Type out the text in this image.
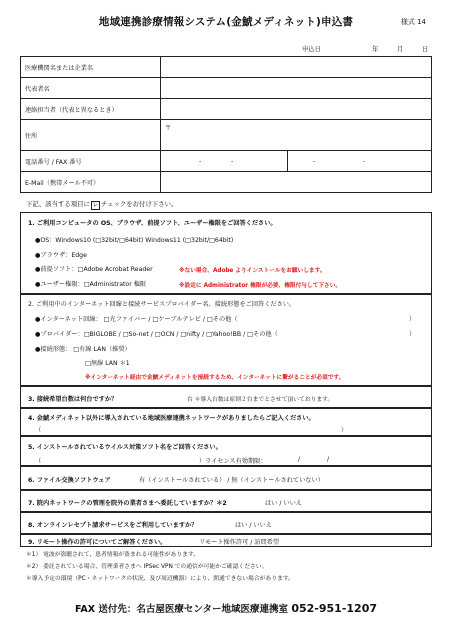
地域連携診療情報システム(金鯱メディネット)申込書	様式 14
申込日	年	月	日
医療機関名または企業名	
代表者名	
連絡担当者（代表と異なるとき）	
住所	〒
電話番号 / FAX 番号	- - - -

E-Mail（携帯メール不可）	
下記、該当する項目に レ チェックをお付け下さい。
1. ご利用コンピュータの OS、ブラウザ、前提ソフト、ユーザー権限をご回答ください。
●OS：Windows10 (□32bit/□64bit) Windows11 (□32bit/□64bit)
●ブラウザ：Edge
●前提ソフト：□Adobe Acrobat Reader	※ない場合、Adobe よりインストールをお願いします。
●ユーザー権限：□Administrator 権限	※設定に Administrator 権限が必要、権限付与して下さい。
2. ご利用中のインターネット回線と接続サービスプロバイダー名、接続形態をご回答ください。
●インターネット回線： □光ファイバー / □ケーブルテレビ / □その他（	）
●プロバイダー：□BIGLOBE / □So-net / □OCN / □nifty / □Yahoo!BB / □その他（	）
●接続形態： □有線 LAN（推奨）
□無線 LAN ＊1
※インターネット経由で金鯱メディネットを接続するため、インターネットに繋がることが必須です。
3. 接続希望台数は何台ですか？	台 ＊導入台数は原則２台までとさせて頂いております。
4. 金鯱メディネット以外に導入されている地域医療連携ネットワークがありましたらご記入ください。
（	）
5. インストールされているウイルス対策ソフト名をご回答ください。
（	）ライセンス有効期限：	/	/
6. ファイル交換ソフトウェア	有（インストールされている） / 無（インストールされていない）
7. 院内ネットワークの管理を院外の業者さまへ委託していますか？＊2	はい / いいえ
8. オンラインレセプト請求サービスをご利用していますか？	はい / いいえ
9. リモート操作の許可についてご解答ください。	リモート操作許可 / 訪問希望
＊1） 電波が盗聴されて、患者情報が盗まれる可能性があります。
＊2） 委託されている場合、管理業者さまへ IPSec VPN での通信が可能かご確認ください。
＊導入予定の環境（PC・ネットワークの状況、及び周辺機器）により、開通できない場合があります。
FAX 送付先：名古屋医療センター地域医療連携室 052-951-1207
